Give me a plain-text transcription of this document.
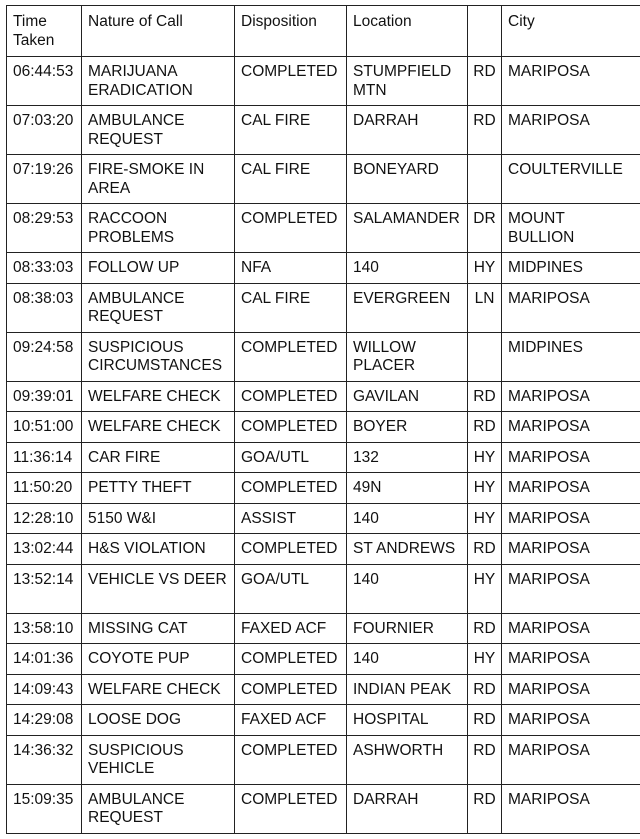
Time Taken	Nature of Call	Disposition	Location		City
06:44:53	MARIJUANA ERADICATION	COMPLETED	STUMPFIELD MTN	RD	MARIPOSA
07:03:20	AMBULANCE REQUEST	CAL FIRE	DARRAH	RD	MARIPOSA
07:19:26	FIRE-SMOKE IN AREA	CAL FIRE	BONEYARD		COULTERVILLE
08:29:53	RACCOON PROBLEMS	COMPLETED	SALAMANDER	DR	MOUNT BULLION
08:33:03	FOLLOW UP	NFA	140	HY	MIDPINES
08:38:03	AMBULANCE REQUEST	CAL FIRE	EVERGREEN	LN	MARIPOSA
09:24:58	SUSPICIOUS CIRCUMSTANCES	COMPLETED	WILLOW PLACER		MIDPINES
09:39:01	WELFARE CHECK	COMPLETED	GAVILAN	RD	MARIPOSA
10:51:00	WELFARE CHECK	COMPLETED	BOYER	RD	MARIPOSA
11:36:14	CAR FIRE	GOA/UTL	132	HY	MARIPOSA
11:50:20	PETTY THEFT	COMPLETED	49N	HY	MARIPOSA
12:28:10	5150 W&I	ASSIST	140	HY	MARIPOSA
13:02:44	H&S VIOLATION	COMPLETED	ST ANDREWS	RD	MARIPOSA
13:52:14	VEHICLE VS DEER	GOA/UTL	140	HY	MARIPOSA
13:58:10	MISSING CAT	FAXED ACF	FOURNIER	RD	MARIPOSA
14:01:36	COYOTE PUP	COMPLETED	140	HY	MARIPOSA
14:09:43	WELFARE CHECK	COMPLETED	INDIAN PEAK	RD	MARIPOSA
14:29:08	LOOSE DOG	FAXED ACF	HOSPITAL	RD	MARIPOSA
14:36:32	SUSPICIOUS VEHICLE	COMPLETED	ASHWORTH	RD	MARIPOSA
15:09:35	AMBULANCE REQUEST	COMPLETED	DARRAH	RD	MARIPOSA
